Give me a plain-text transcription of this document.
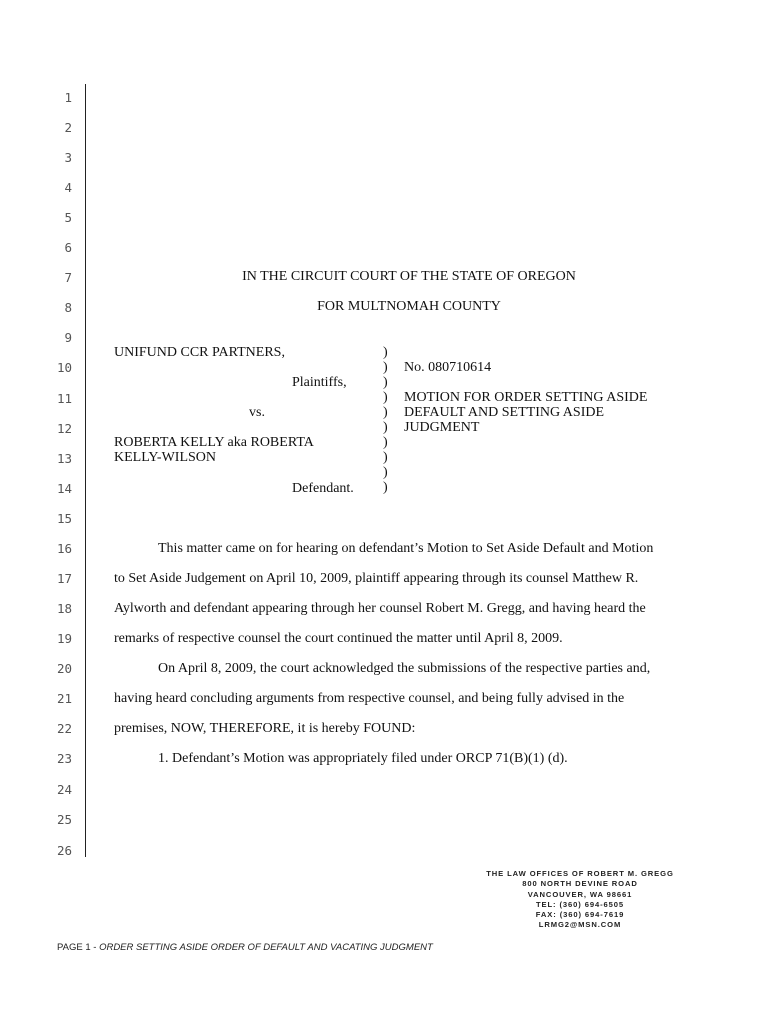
1
2
3
4
5
6
7
8
9
10
11
12
13
14
15
16
17
18
19
20
21
22
23
24
25
26
IN THE CIRCUIT COURT OF THE STATE OF OREGON
FOR MULTNOMAH COUNTY
UNIFUND CCR PARTNERS,
Plaintiffs,
vs.
ROBERTA KELLY aka ROBERTA
KELLY-WILSON
Defendant.
)
)
)
)
)
)
)
)
)
)
No. 080710614
MOTION FOR ORDER SETTING ASIDE
DEFAULT AND SETTING ASIDE
JUDGMENT
This matter came on for hearing on defendant’s Motion to Set Aside Default and Motion
to Set Aside Judgement on April 10, 2009, plaintiff appearing through its counsel Matthew R.
Aylworth and defendant appearing through her counsel Robert M. Gregg, and having heard the
remarks of respective counsel the court continued the matter until April 8, 2009.
On April 8, 2009, the court acknowledged the submissions of the respective parties and,
having heard concluding arguments from respective counsel, and being fully advised in the
premises, NOW, THEREFORE, it is hereby FOUND:
1. Defendant’s Motion was appropriately filed under ORCP 71(B)(1) (d).
THE LAW OFFICES OF ROBERT M. GREGG
800 NORTH DEVINE ROAD
VANCOUVER, WA 98661
TEL: (360) 694-6505
FAX: (360) 694-7619
LRMG2@MSN.COM
PAGE 1 - ORDER SETTING ASIDE ORDER OF DEFAULT AND VACATING JUDGMENT
